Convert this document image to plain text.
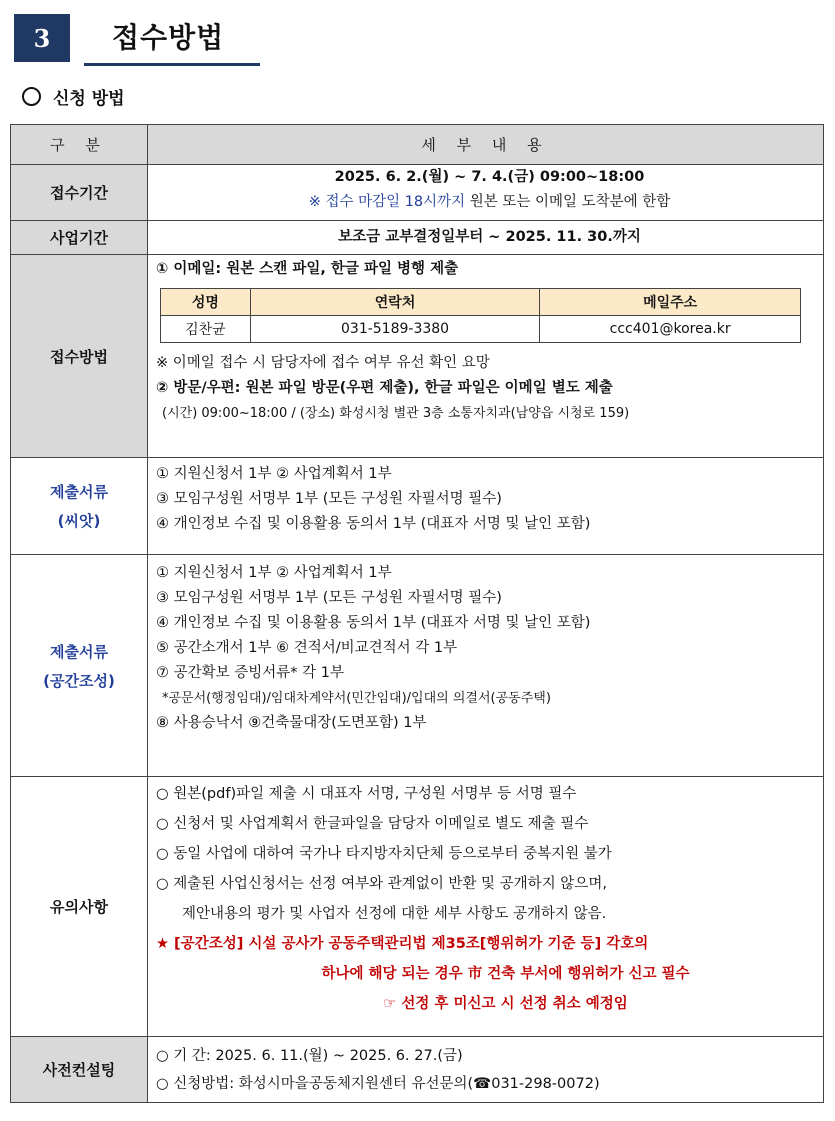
3	접수방법
신청 방법
구 분	세 부 내 용
접수기간	
2025. 6. 2.(월) ~ 7. 4.(금) 09:00~18:00
※ 접수 마감일 18시까지 원본 또는 이메일 도착분에 한함

사업기간	보조금 교부결정일부터 ~ 2025. 11. 30.까지

접수방법	
① 이메일: 원본 스캔 파일, 한글 파일 병행 제출
성명	연락처	메일주소
김찬균	031-5189-3380	ccc401@korea.kr
※ 이메일 접수 시 담당자에 접수 여부 유선 확인 요망
② 방문/우편: 원본 파일 방문(우편 제출), 한글 파일은 이메일 별도 제출
(시간) 09:00~18:00 / (장소) 화성시청 별관 3층 소통자치과(남양읍 시청로 159)

제출서류
(씨앗)

① 지원신청서 1부 ② 사업계획서 1부
③ 모임구성원 서명부 1부 (모든 구성원 자필서명 필수)
④ 개인정보 수집 및 이용활용 동의서 1부 (대표자 서명 및 날인 포함)

제출서류
(공간조성)

① 지원신청서 1부 ② 사업계획서 1부
③ 모임구성원 서명부 1부 (모든 구성원 자필서명 필수)
④ 개인정보 수집 및 이용활용 동의서 1부 (대표자 서명 및 날인 포함)
⑤ 공간소개서 1부 ⑥ 견적서/비교견적서 각 1부
⑦ 공간확보 증빙서류* 각 1부
*공문서(행정임대)/임대차계약서(민간임대)/입대의 의결서(공동주택)
⑧ 사용승낙서 ⑨건축물대장(도면포함) 1부

유의사항	
○ 원본(pdf)파일 제출 시 대표자 서명, 구성원 서명부 등 서명 필수
○ 신청서 및 사업계획서 한글파일을 담당자 이메일로 별도 제출 필수
○ 동일 사업에 대하여 국가나 타지방자치단체 등으로부터 중복지원 불가
○ 제출된 사업신청서는 선정 여부와 관계없이 반환 및 공개하지 않으며,
제안내용의 평가 및 사업자 선정에 대한 세부 사항도 공개하지 않음.
★ [공간조성] 시설 공사가 공동주택관리법 제35조[행위허가 기준 등] 각호의
하나에 해당 되는 경우 市 건축 부서에 행위허가 신고 필수
☞ 선정 후 미신고 시 선정 취소 예정임

사전컨설팅	
○ 기 간: 2025. 6. 11.(월) ~ 2025. 6. 27.(금)
○ 신청방법: 화성시마을공동체지원센터 유선문의(☎031-298-0072)
